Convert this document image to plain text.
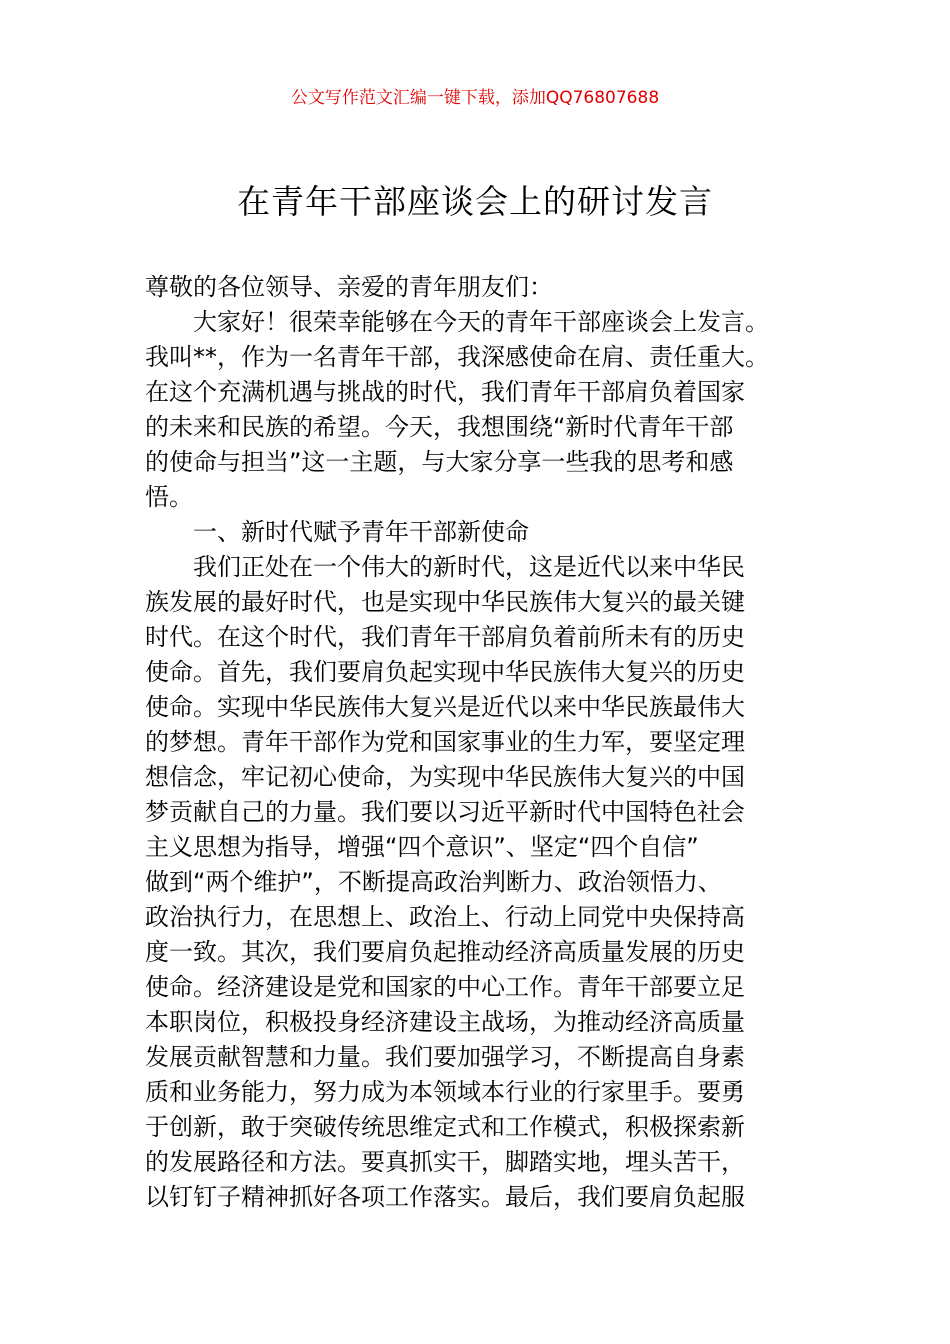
公文写作范文汇编一键下载，添加QQ76807688
在青年干部座谈会上的研讨发言
尊敬的各位领导、亲爱的青年朋友们：
大家好！很荣幸能够在今天的青年干部座谈会上发言。
我叫**，作为一名青年干部，我深感使命在肩、责任重大。
在这个充满机遇与挑战的时代，我们青年干部肩负着国家
的未来和民族的希望。今天，我想围绕“新时代青年干部
的使命与担当”这一主题，与大家分享一些我的思考和感
悟。
一、新时代赋予青年干部新使命
我们正处在一个伟大的新时代，这是近代以来中华民
族发展的最好时代，也是实现中华民族伟大复兴的最关键
时代。在这个时代，我们青年干部肩负着前所未有的历史
使命。首先，我们要肩负起实现中华民族伟大复兴的历史
使命。实现中华民族伟大复兴是近代以来中华民族最伟大
的梦想。青年干部作为党和国家事业的生力军，要坚定理
想信念，牢记初心使命，为实现中华民族伟大复兴的中国
梦贡献自己的力量。我们要以习近平新时代中国特色社会
主义思想为指导，增强“四个意识”、坚定“四个自信”
做到“两个维护”，不断提高政治判断力、政治领悟力、
政治执行力，在思想上、政治上、行动上同党中央保持高
度一致。其次，我们要肩负起推动经济高质量发展的历史
使命。经济建设是党和国家的中心工作。青年干部要立足
本职岗位，积极投身经济建设主战场，为推动经济高质量
发展贡献智慧和力量。我们要加强学习，不断提高自身素
质和业务能力，努力成为本领域本行业的行家里手。要勇
于创新，敢于突破传统思维定式和工作模式，积极探索新
的发展路径和方法。要真抓实干，脚踏实地，埋头苦干，
以钉钉子精神抓好各项工作落实。最后，我们要肩负起服
